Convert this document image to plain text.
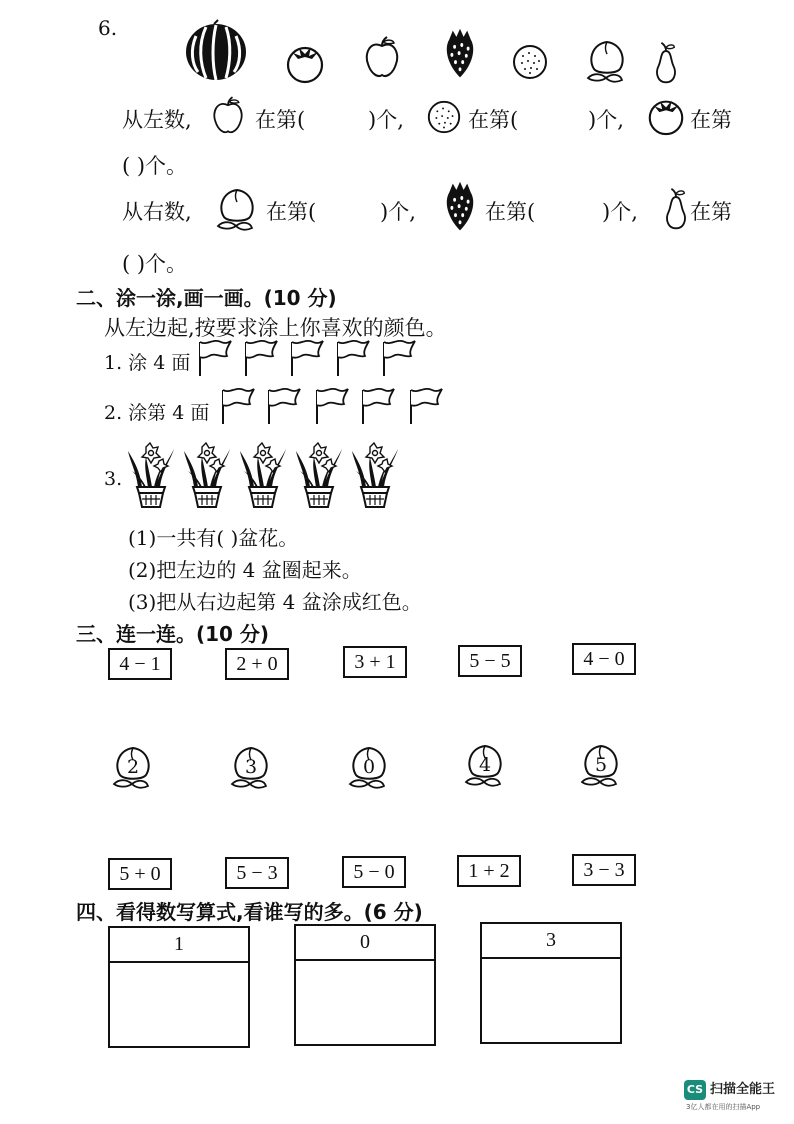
6.
从左数,	在第(	)个,	在第(	)个,	在第
( )个。
从右数,	在第(	)个,	在第(	)个, 在第
( )个。
二、涂一涂,画一画。(10 分)
从左边起,按要求涂上你喜欢的颜色。
1. 涂 4 面
2. 涂第 4 面
3.
(1)一共有( )盆花。
(2)把左边的 4 盆圈起来。
(3)把从右边起第 4 盆涂成红色。
三、连一连。(10 分)
4 − 1	2 + 0	3 + 1	5 − 5	4 − 0
2	3	0	4	5
5 + 0	5 − 3	5 − 0	1 + 2	3 − 3
四、看得数写算式,看谁写的多。(6 分)
1	0	3
CS 扫描全能王
3亿人都在用的扫描App
